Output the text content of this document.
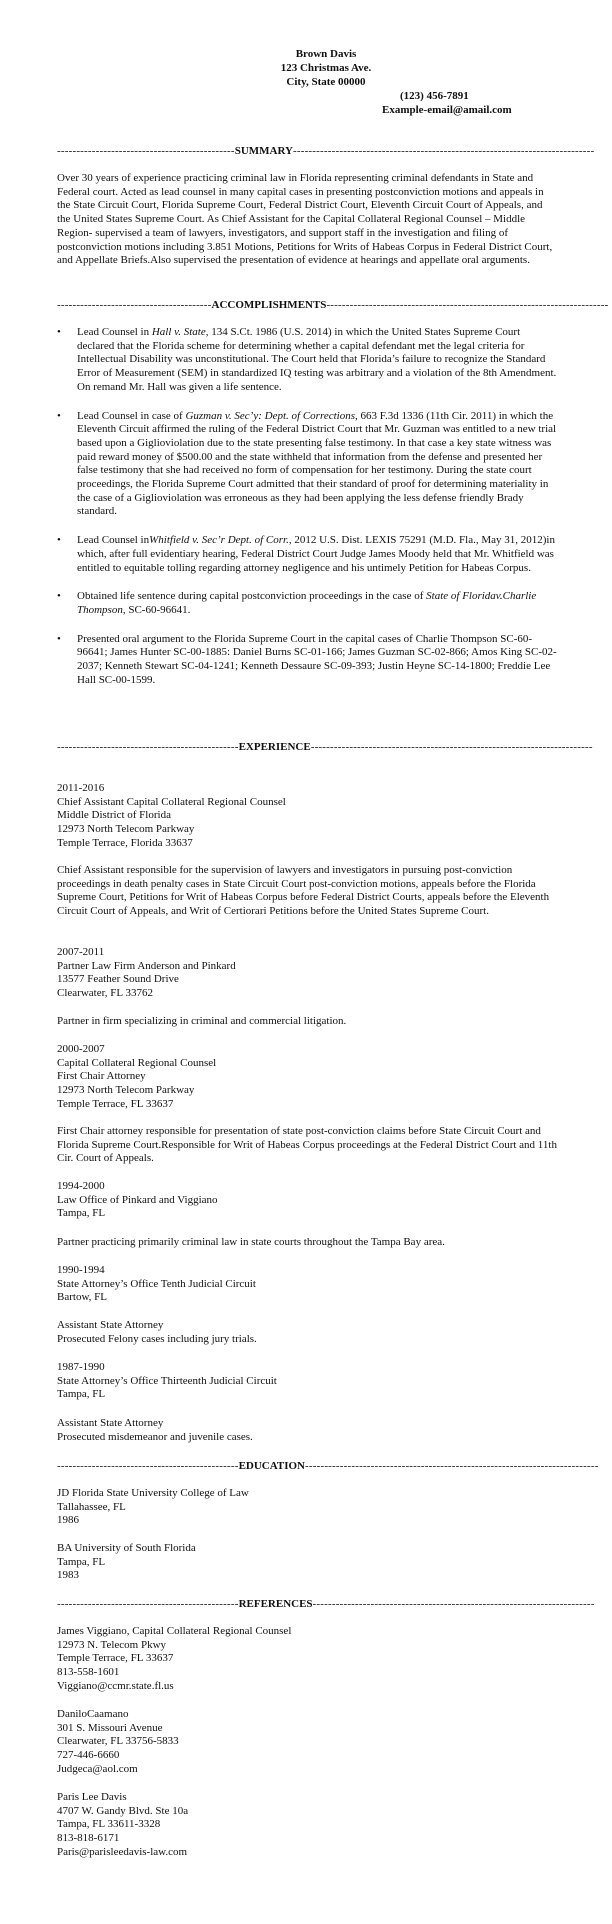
Brown Davis
123 Christmas Ave.
City, State 00000
(123) 456-7891
Example-email@amail.com
----------------------------------------------SUMMARY------------------------------------------------------------------------------
Over 30 years of experience practicing criminal law in Florida representing criminal defendants in State and Federal court. Acted as lead counsel in many capital cases in presenting postconviction motions and appeals in the State Circuit Court, Florida Supreme Court, Federal District Court, Eleventh Circuit Court of Appeals, and the United States Supreme Court. As Chief Assistant for the Capital Collateral Regional Counsel – Middle Region- supervised a team of lawyers, investigators, and support staff in the investigation and filing of postconviction motions including 3.851 Motions, Petitions for Writs of Habeas Corpus in Federal District Court, and Appellate Briefs.Also supervised the presentation of evidence at hearings and appellate oral arguments.
----------------------------------------ACCOMPLISHMENTS-------------------------------------------------------------------------
• Lead Counsel in Hall v. State, 134 S.Ct. 1986 (U.S. 2014) in which the United States Supreme Court declared that the Florida scheme for determining whether a capital defendant met the legal criteria for Intellectual Disability was unconstitutional. The Court held that Florida’s failure to recognize the Standard Error of Measurement (SEM) in standardized IQ testing was arbitrary and a violation of the 8th Amendment. On remand Mr. Hall was given a life sentence.
• Lead Counsel in case of Guzman v. Sec’y: Dept. of Corrections, 663 F.3d 1336 (11th Cir. 2011) in which the Eleventh Circuit affirmed the ruling of the Federal District Court that Mr. Guzman was entitled to a new trial based upon a Giglioviolation due to the state presenting false testimony. In that case a key state witness was paid reward money of $500.00 and the state withheld that information from the defense and presented her false testimony that she had received no form of compensation for her testimony. During the state court proceedings, the Florida Supreme Court admitted that their standard of proof for determining materiality in the case of a Giglioviolation was erroneous as they had been applying the less defense friendly Brady standard.
• Lead Counsel inWhitfield v. Sec’r Dept. of Corr., 2012 U.S. Dist. LEXIS 75291 (M.D. Fla., May 31, 2012)in which, after full evidentiary hearing, Federal District Court Judge James Moody held that Mr. Whitfield was entitled to equitable tolling regarding attorney negligence and his untimely Petition for Habeas Corpus.
• Obtained life sentence during capital postconviction proceedings in the case of State of Floridav.Charlie Thompson, SC-60-96641.
• Presented oral argument to the Florida Supreme Court in the capital cases of Charlie Thompson SC-60-96641; James Hunter SC-00-1885: Daniel Burns SC-01-166; James Guzman SC-02-866; Amos King SC-02-2037; Kenneth Stewart SC-04-1241; Kenneth Dessaure SC-09-393; Justin Heyne SC-14-1800; Freddie Lee Hall SC-00-1599.
-----------------------------------------------EXPERIENCE-------------------------------------------------------------------------
2011-2016
Chief Assistant Capital Collateral Regional Counsel
Middle District of Florida
12973 North Telecom Parkway
Temple Terrace, Florida 33637
Chief Assistant responsible for the supervision of lawyers and investigators in pursuing post-conviction proceedings in death penalty cases in State Circuit Court post-conviction motions, appeals before the Florida Supreme Court, Petitions for Writ of Habeas Corpus before Federal District Courts, appeals before the Eleventh Circuit Court of Appeals, and Writ of Certiorari Petitions before the United States Supreme Court.
2007-2011
Partner Law Firm Anderson and Pinkard
13577 Feather Sound Drive
Clearwater, FL 33762
Partner in firm specializing in criminal and commercial litigation.
2000-2007
Capital Collateral Regional Counsel
First Chair Attorney
12973 North Telecom Parkway
Temple Terrace, FL 33637
First Chair attorney responsible for presentation of state post-conviction claims before State Circuit Court and Florida Supreme Court.Responsible for Writ of Habeas Corpus proceedings at the Federal District Court and 11th Cir. Court of Appeals.
1994-2000
Law Office of Pinkard and Viggiano
Tampa, FL
Partner practicing primarily criminal law in state courts throughout the Tampa Bay area.
1990-1994
State Attorney’s Office Tenth Judicial Circuit
Bartow, FL
Assistant State Attorney
Prosecuted Felony cases including jury trials.
1987-1990
State Attorney’s Office Thirteenth Judicial Circuit
Tampa, FL
Assistant State Attorney
Prosecuted misdemeanor and juvenile cases.
-----------------------------------------------EDUCATION----------------------------------------------------------------------------
JD Florida State University College of Law
Tallahassee, FL
1986
BA University of South Florida
Tampa, FL
1983
-----------------------------------------------REFERENCES-------------------------------------------------------------------------
James Viggiano, Capital Collateral Regional Counsel
12973 N. Telecom Pkwy
Temple Terrace, FL 33637
813-558-1601
Viggiano@ccmr.state.fl.us
DaniloCaamano
301 S. Missouri Avenue
Clearwater, FL 33756-5833
727-446-6660
Judgeca@aol.com
Paris Lee Davis
4707 W. Gandy Blvd. Ste 10a
Tampa, FL 33611-3328
813-818-6171
Paris@parisleedavis-law.com
